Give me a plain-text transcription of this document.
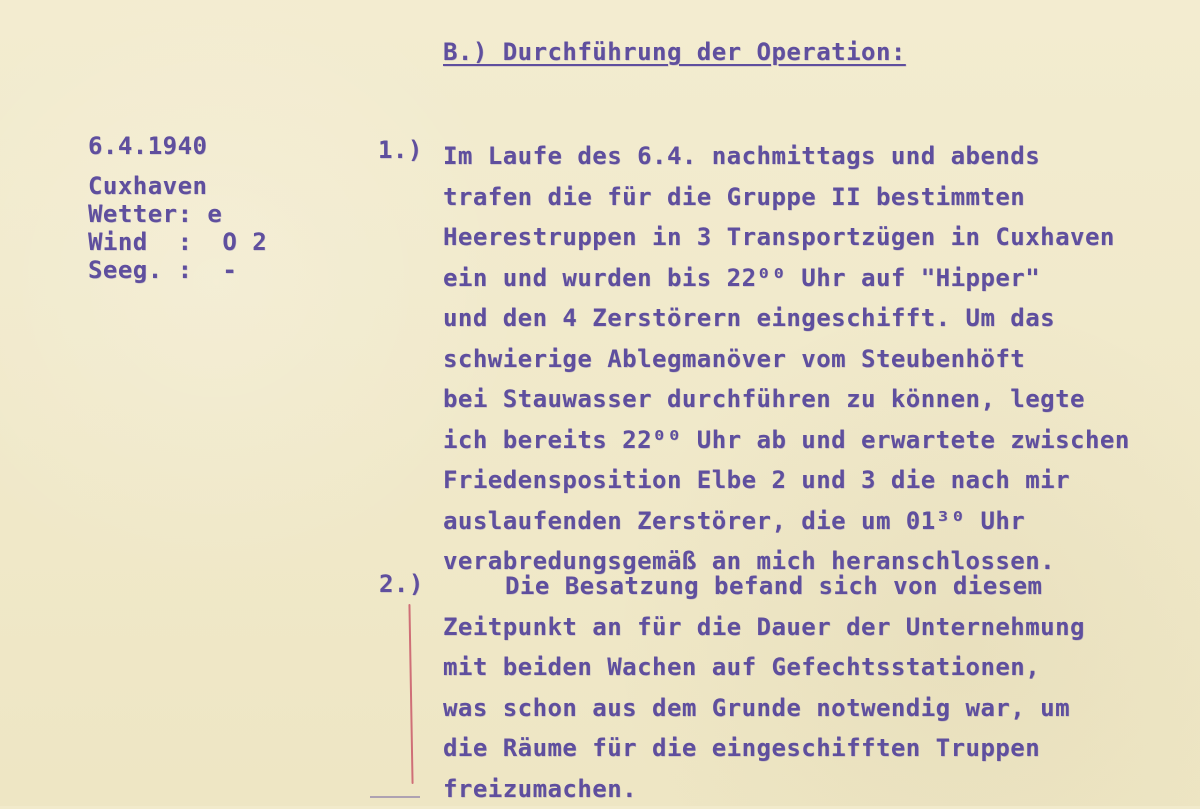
B.) Durchführung der Operation:
6.4.1940
Cuxhaven
Wetter: e
Wind  :  O 2
Seeg. :  -
1.) Im Laufe des 6.4. nachmittags und abends
trafen die für die Gruppe II bestimmten
Heerestruppen in 3 Transportzügen in Cuxhaven
ein und wurden bis 22⁰⁰ Uhr auf "Hipper"
und den 4 Zerstörern eingeschifft. Um das
schwierige Ablegmanöver vom Steubenhöft
bei Stauwasser durchführen zu können, legte
ich bereits 22⁰⁰ Uhr ab und erwartete zwischen
Friedensposition Elbe 2 und 3 die nach mir
auslaufenden Zerstörer, die um 01³⁰ Uhr
verabredungsgemäß an mich heranschlossen.
2.)	Die Besatzung befand sich von diesem
Zeitpunkt an für die Dauer der Unternehmung
mit beiden Wachen auf Gefechtsstationen,
was schon aus dem Grunde notwendig war, um
die Räume für die eingeschifften Truppen
freizumachen.
